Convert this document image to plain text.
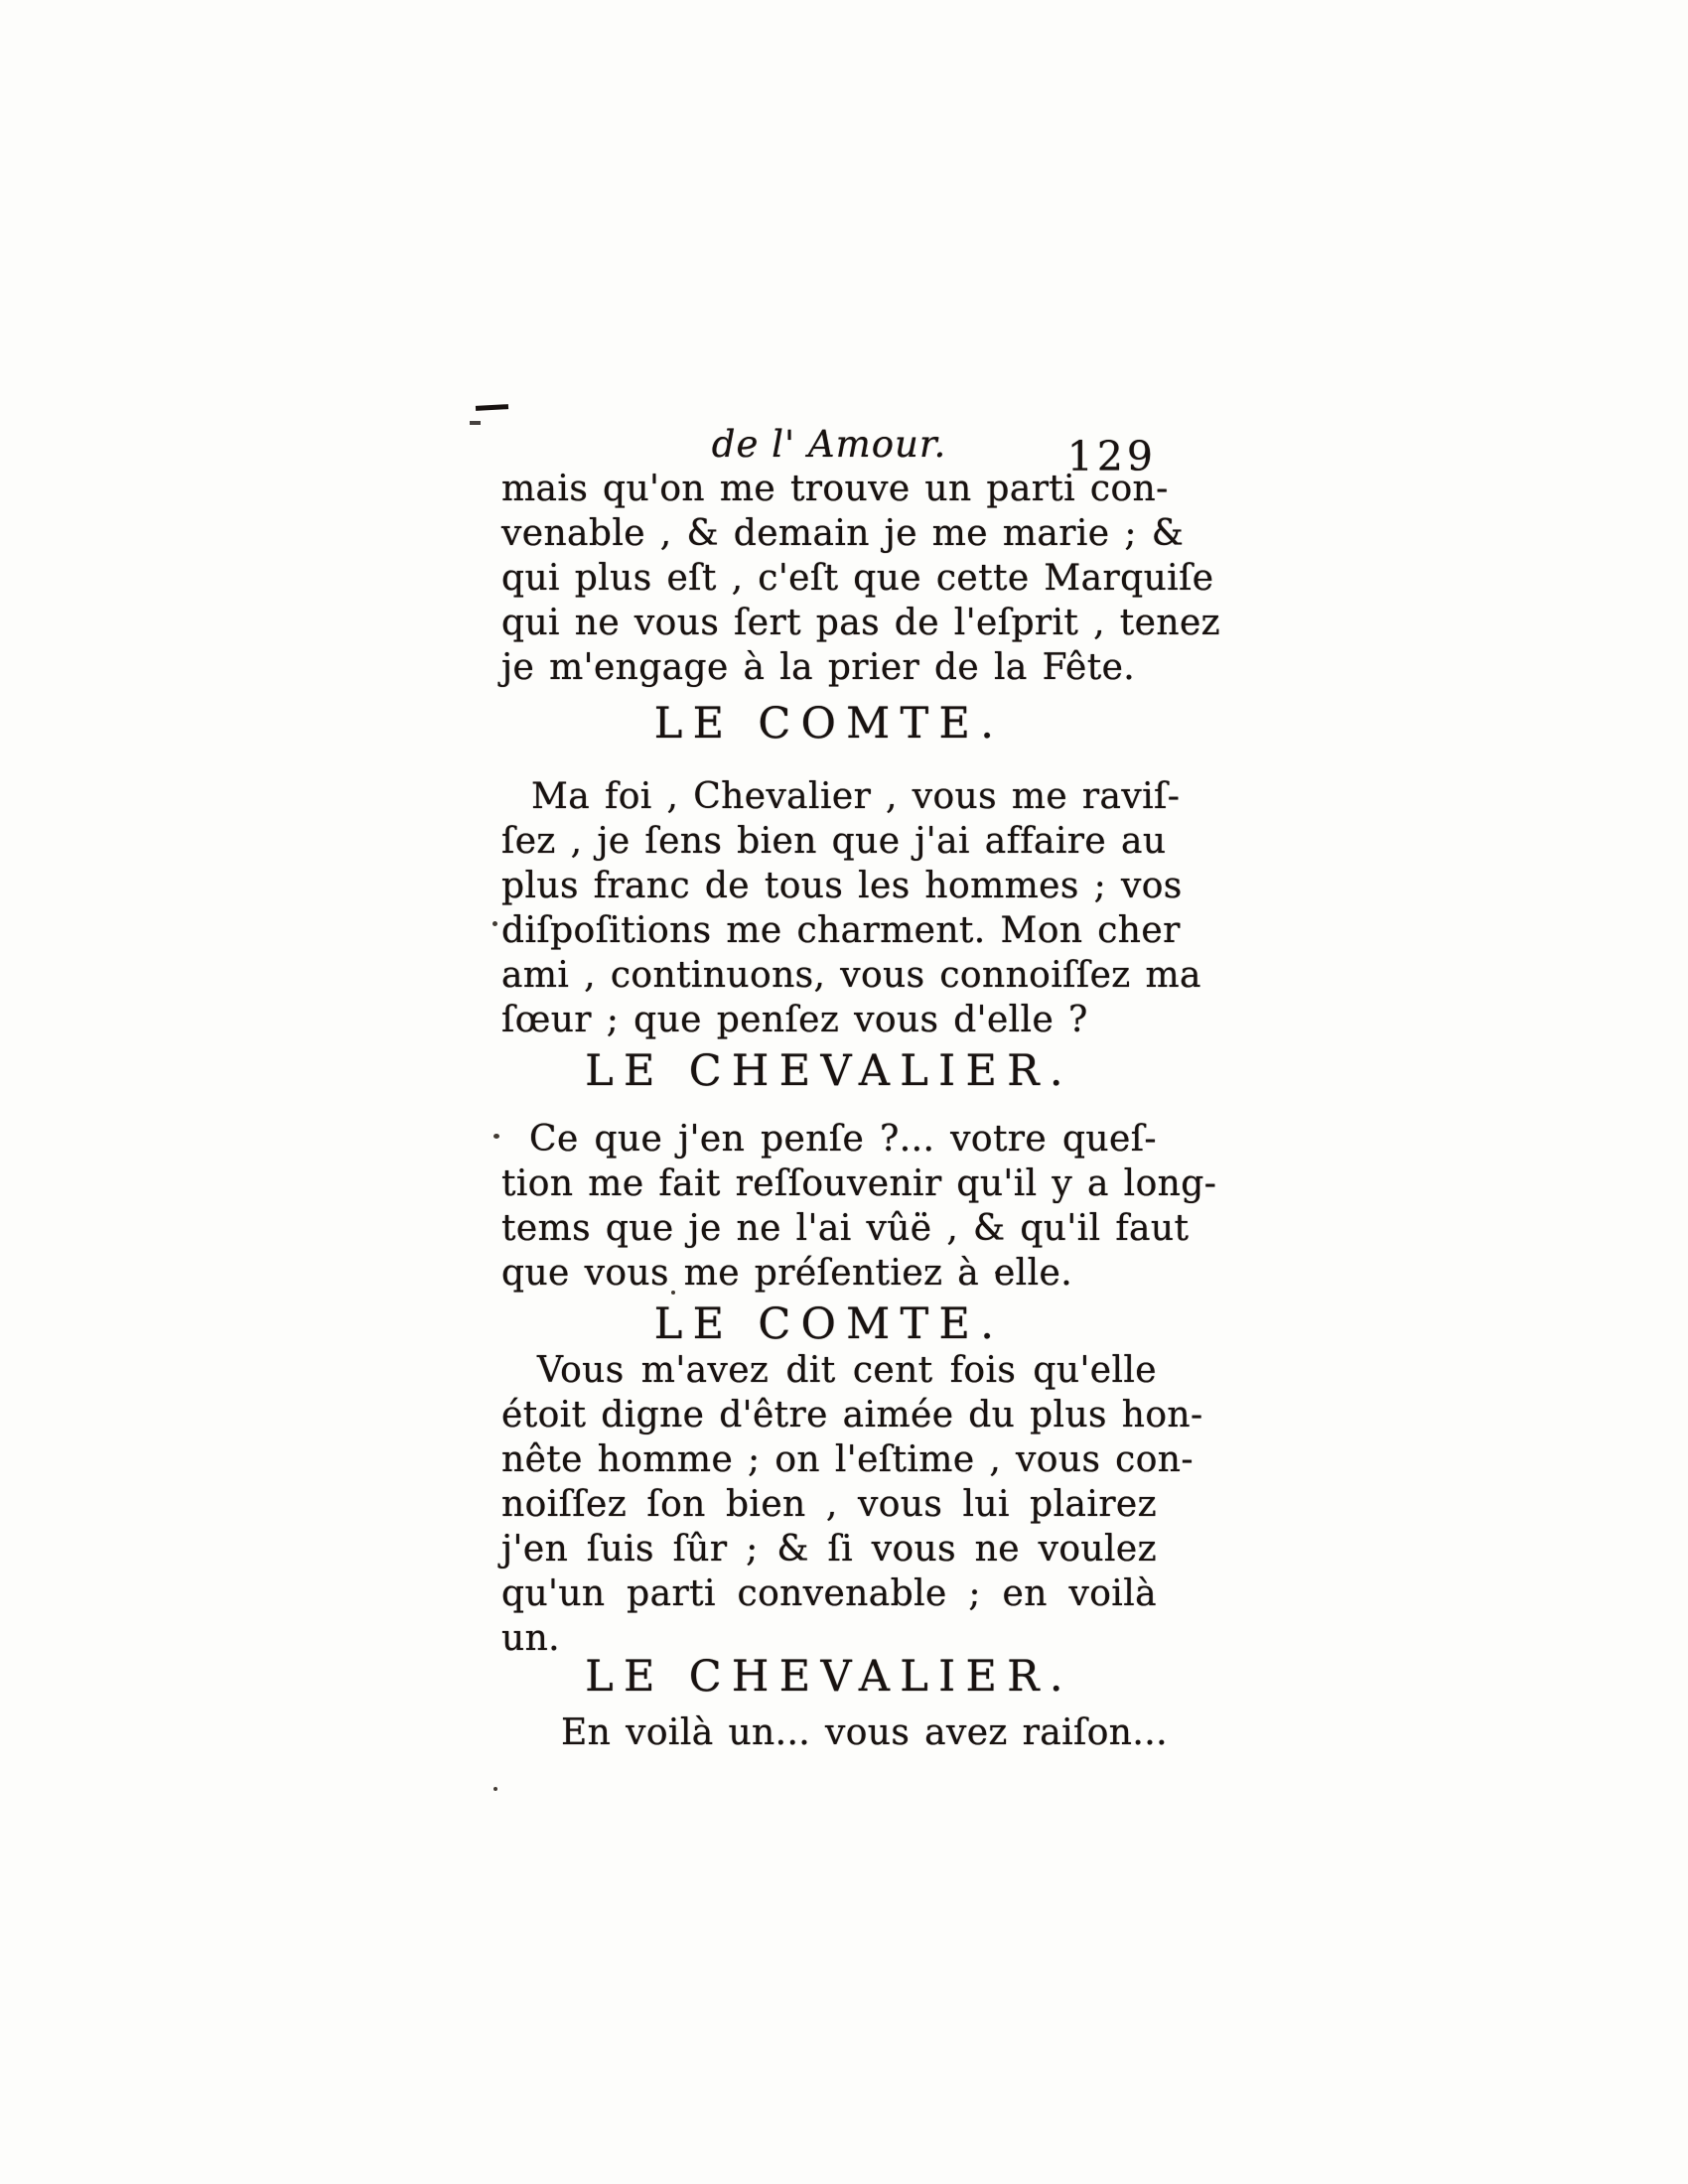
de l' Amour.	129
mais qu'on me trouve un parti con-
venable , & demain je me marie ; &
qui plus eſt , c'eſt que cette Marquiſe
qui ne vous ſert pas de l'eſprit , tenez
je m'engage à la prier de la Fête.
LE COMTE.
Ma foi , Chevalier , vous me raviſ-
ſez , je ſens bien que j'ai affaire au
plus franc de tous les hommes ; vos
diſpoſitions me charment. Mon cher
ami , continuons, vous connoiſſez ma
ſœur ; que penſez vous d'elle ?
LE CHEVALIER.
Ce que j'en penſe ?... votre queſ-
tion me fait reſſouvenir qu'il y a long-
tems que je ne l'ai vûë , & qu'il faut
que vous me préſentiez à elle.
LE COMTE.
Vous m'avez dit cent fois qu'elle
étoit digne d'être aimée du plus hon-
nête homme ; on l'eſtime , vous con-
noiſſez ſon bien , vous lui plairez
j'en ſuis ſûr ; & ſi vous ne voulez
qu'un parti convenable ; en voilà
un.
LE CHEVALIER.
En voilà un... vous avez raiſon...
